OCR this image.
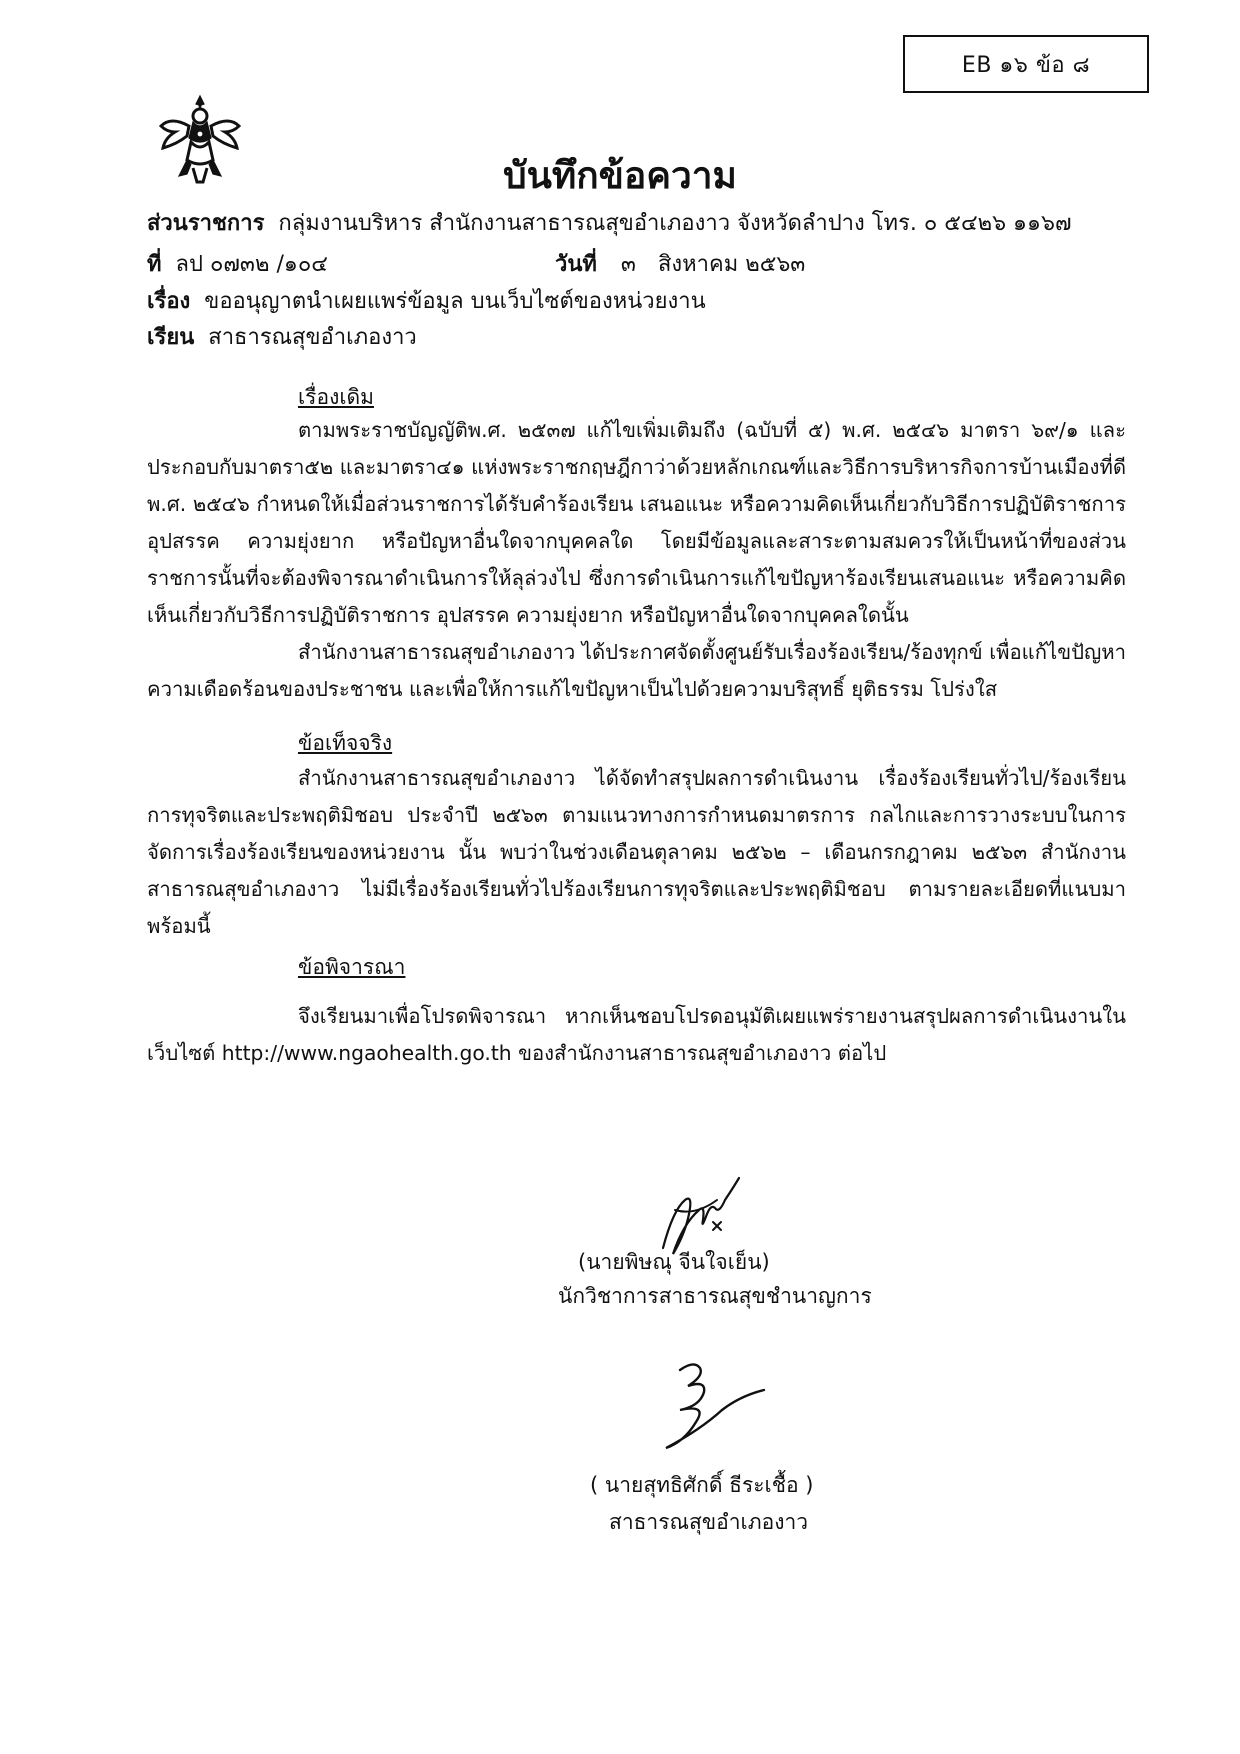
EB ๑๖ ข้อ ๘
บันทึกข้อความ
ส่วนราชการ กลุ่มงานบริหาร สำนักงานสาธารณสุขอำเภองาว จังหวัดลำปาง โทร. ๐ ๕๔๒๖ ๑๑๖๗
ที่ ลป ๐๗๓๒ /๑๐๔	วันที่ ๓ สิงหาคม ๒๕๖๓
เรื่อง ขออนุญาตนำเผยแพร่ข้อมูล บนเว็บไซต์ของหน่วยงาน
เรียน สาธารณสุขอำเภองาว
เรื่องเดิม
ตามพระราชบัญญัติพ.ศ. ๒๕๓๗ แก้ไขเพิ่มเติมถึง (ฉบับที่ ๕) พ.ศ. ๒๕๔๖ มาตรา ๖๙/๑ และประกอบกับมาตรา๕๒ และมาตรา๔๑ แห่งพระราชกฤษฎีกาว่าด้วยหลักเกณฑ์และวิธีการบริหารกิจการบ้านเมืองที่ดี พ.ศ. ๒๕๔๖ กำหนดให้เมื่อส่วนราชการได้รับคำร้องเรียน เสนอแนะ หรือความคิดเห็นเกี่ยวกับวิธีการปฏิบัติราชการ อุปสรรค ความยุ่งยาก หรือปัญหาอื่นใดจากบุคคลใด โดยมีข้อมูลและสาระตามสมควรให้เป็นหน้าที่ของส่วนราชการนั้นที่จะต้องพิจารณาดำเนินการให้ลุล่วงไป ซึ่งการดำเนินการแก้ไขปัญหาร้องเรียนเสนอแนะ หรือความคิดเห็นเกี่ยวกับวิธีการปฏิบัติราชการ อุปสรรค ความยุ่งยาก หรือปัญหาอื่นใดจากบุคคลใดนั้น
สำนักงานสาธารณสุขอำเภองาว ได้ประกาศจัดตั้งศูนย์รับเรื่องร้องเรียน/ร้องทุกข์ เพื่อแก้ไขปัญหาความเดือดร้อนของประชาชน และเพื่อให้การแก้ไขปัญหาเป็นไปด้วยความบริสุทธิ์ ยุติธรรม โปร่งใส
ข้อเท็จจริง
สำนักงานสาธารณสุขอำเภองาว ได้จัดทำสรุปผลการดำเนินงาน เรื่องร้องเรียนทั่วไป/ร้องเรียนการทุจริตและประพฤติมิชอบ ประจำปี ๒๕๖๓ ตามแนวทางการกำหนดมาตรการ กลไกและการวางระบบในการจัดการเรื่องร้องเรียนของหน่วยงาน นั้น พบว่าในช่วงเดือนตุลาคม ๒๕๖๒ – เดือนกรกฎาคม ๒๕๖๓ สำนักงานสาธารณสุขอำเภองาว ไม่มีเรื่องร้องเรียนทั่วไปร้องเรียนการทุจริตและประพฤติมิชอบ ตามรายละเอียดที่แนบมาพร้อมนี้
ข้อพิจารณา
จึงเรียนมาเพื่อโปรดพิจารณา หากเห็นชอบโปรดอนุมัติเผยแพร่รายงานสรุปผลการดำเนินงานในเว็บไซต์ http://www.ngaohealth.go.th ของสำนักงานสาธารณสุขอำเภองาว ต่อไป
(นายพิษณุ จีนใจเย็น)
นักวิชาการสาธารณสุขชำนาญการ
( นายสุทธิศักดิ์ ธีระเชื้อ )
สาธารณสุขอำเภองาว
